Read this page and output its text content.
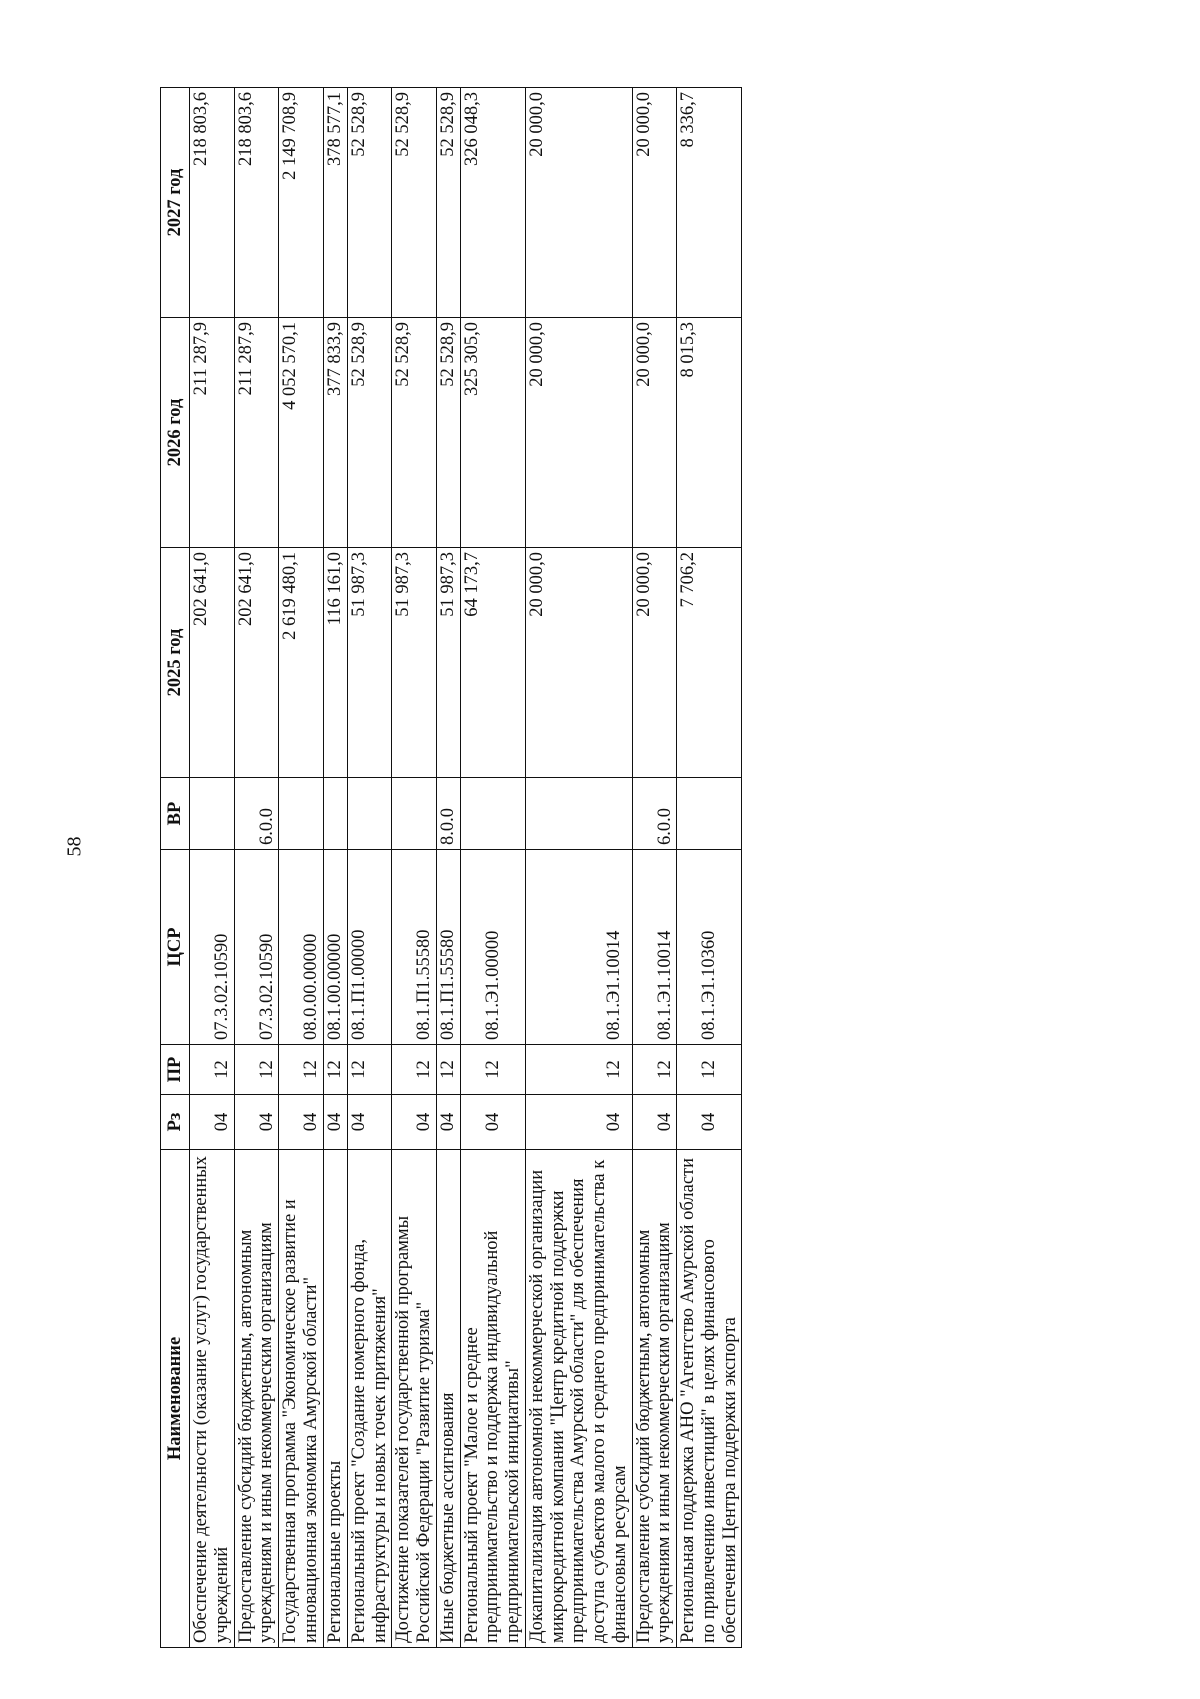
58
Наименование	Рз	ПР	ЦСР	ВР	2025 год	2026 год	2027 год
Обеспечение деятельности (оказание услуг) государственных учреждений	04	12	07.3.02.10590		202 641,0	211 287,9	218 803,6
Предоставление субсидий бюджетным, автономным учреждениям и иным некоммерческим организациям	04	12	07.3.02.10590	6.0.0	202 641,0	211 287,9	218 803,6
Государственная программа "Экономическое развитие и инновационная экономика Амурской области"	04	12	08.0.00.00000		2 619 480,1	4 052 570,1	2 149 708,9
Региональные проекты	04	12	08.1.00.00000		116 161,0	377 833,9	378 577,1
Региональный проект "Создание номерного фонда, инфраструктуры и новых точек притяжения"	04	12	08.1.П1.00000		51 987,3	52 528,9	52 528,9
Достижение показателей государственной программы Российской Федерации "Развитие туризма"	04	12	08.1.П1.55580		51 987,3	52 528,9	52 528,9
Иные бюджетные ассигнования	04	12	08.1.П1.55580	8.0.0	51 987,3	52 528,9	52 528,9
Региональный проект "Малое и среднее предпринимательство и поддержка индивидуальной предпринимательской инициативы"	04	12	08.1.Э1.00000		64 173,7	325 305,0	326 048,3
Докапитализация автономной некоммерческой организации микрокредитной компании "Центр кредитной поддержки предпринимательства Амурской области" для обеспечения доступа субъектов малого и среднего предпринимательства к финансовым ресурсам	04	12	08.1.Э1.10014		20 000,0	20 000,0	20 000,0
Предоставление субсидий бюджетным, автономным учреждениям и иным некоммерческим организациям	04	12	08.1.Э1.10014	6.0.0	20 000,0	20 000,0	20 000,0
Региональная поддержка АНО "Агентство Амурской области по привлечению инвестиций" в целях финансового обеспечения Центра поддержки экспорта	04	12	08.1.Э1.10360		7 706,2	8 015,3	8 336,7
